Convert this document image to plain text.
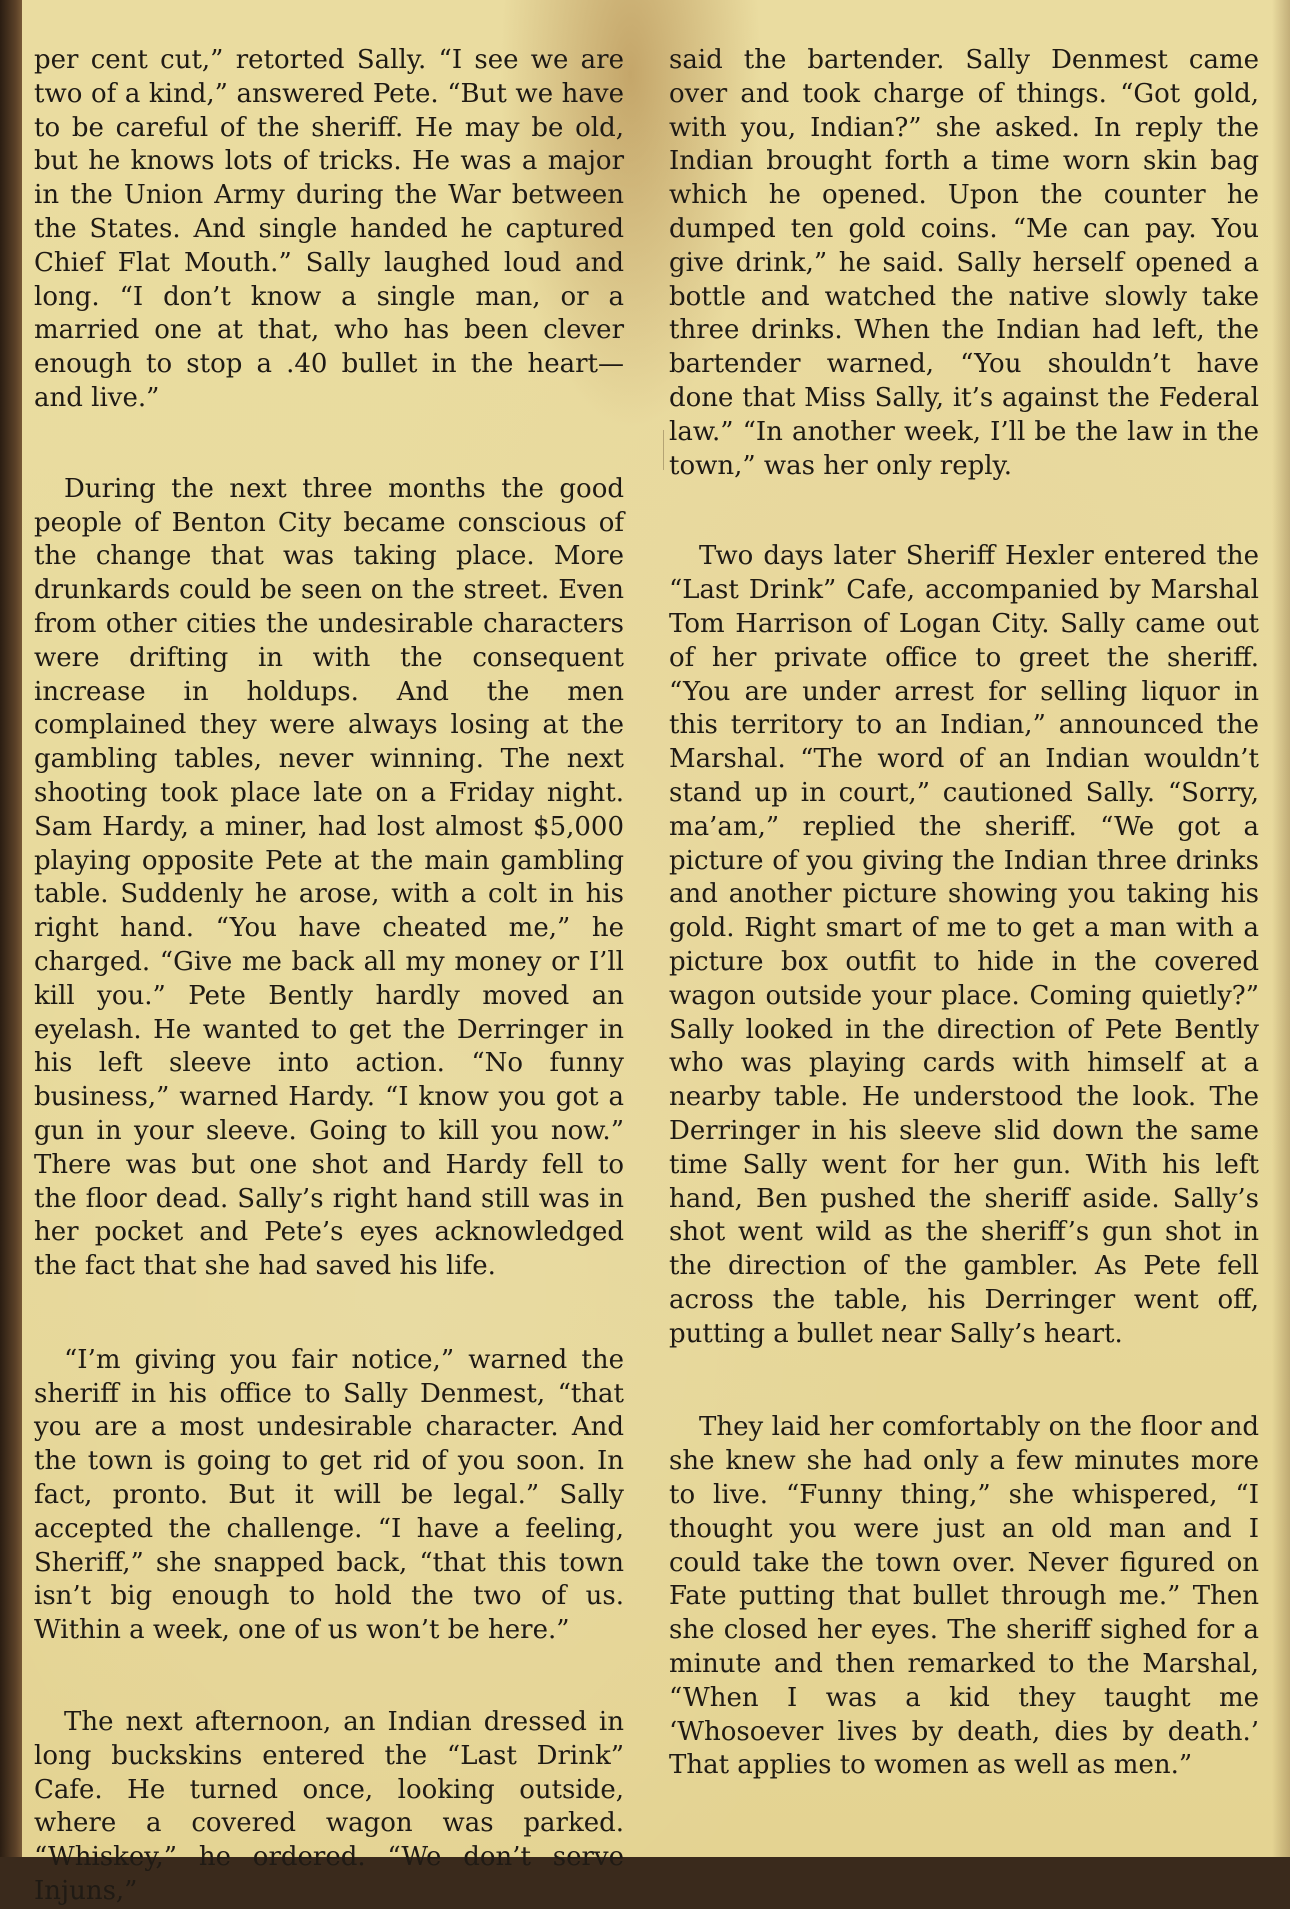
per cent cut,” retorted Sally. “I see we are two of a kind,” answered Pete. “But we have to be careful of the sheriff. He may be old, but he knows lots of tricks. He was a major in the Union Army during the War between the States. And single handed he captured Chief Flat Mouth.” Sally laughed loud and long. “I don’t know a single man, or a married one at that, who has been clever enough to stop a .40 bullet in the heart—and live.”

During the next three months the good people of Benton City became conscious of the change that was taking place. More drunkards could be seen on the street. Even from other cities the undesirable characters were drifting in with the consequent increase in holdups. And the men complained they were always losing at the gambling tables, never winning. The next shooting took place late on a Friday night. Sam Hardy, a miner, had lost almost $5,000 playing opposite Pete at the main gambling table. Suddenly he arose, with a colt in his right hand. “You have cheated me,” he charged. “Give me back all my money or I’ll kill you.” Pete Bently hardly moved an eyelash. He wanted to get the Derringer in his left sleeve into action. “No funny business,” warned Hardy. “I know you got a gun in your sleeve. Going to kill you now.” There was but one shot and Hardy fell to the floor dead. Sally’s right hand still was in her pocket and Pete’s eyes acknowledged the fact that she had saved his life.

“I’m giving you fair notice,” warned the sheriff in his office to Sally Denmest, “that you are a most undesirable character. And the town is going to get rid of you soon. In fact, pronto. But it will be legal.” Sally accepted the challenge. “I have a feeling, Sheriff,” she snapped back, “that this town isn’t big enough to hold the two of us. Within a week, one of us won’t be here.”

The next afternoon, an Indian dressed in long buckskins entered the “Last Drink” Cafe. He turned once, looking outside, where a covered wagon was parked. “Whiskey,” he ordered. “We don’t serve Injuns,”

said the bartender. Sally Denmest came over and took charge of things. “Got gold, with you, Indian?” she asked. In reply the Indian brought forth a time worn skin bag which he opened. Upon the counter he dumped ten gold coins. “Me can pay. You give drink,” he said. Sally herself opened a bottle and watched the native slowly take three drinks. When the Indian had left, the bartender warned, “You shouldn’t have done that Miss Sally, it’s against the Federal law.” “In another week, I’ll be the law in the town,” was her only reply.

Two days later Sheriff Hexler entered the “Last Drink” Cafe, accompanied by Marshal Tom Harrison of Logan City. Sally came out of her private office to greet the sheriff. “You are under arrest for selling liquor in this territory to an Indian,” announced the Marshal. “The word of an Indian wouldn’t stand up in court,” cautioned Sally. “Sorry, ma’am,” replied the sheriff. “We got a picture of you giving the Indian three drinks and another picture showing you taking his gold. Right smart of me to get a man with a picture box outfit to hide in the covered wagon outside your place. Coming quietly?” Sally looked in the direction of Pete Bently who was playing cards with himself at a nearby table. He understood the look. The Derringer in his sleeve slid down the same time Sally went for her gun. With his left hand, Ben pushed the sheriff aside. Sally’s shot went wild as the sheriff’s gun shot in the direction of the gambler. As Pete fell across the table, his Derringer went off, putting a bullet near Sally’s heart.

They laid her comfortably on the floor and she knew she had only a few minutes more to live. “Funny thing,” she whispered, “I thought you were just an old man and I could take the town over. Never figured on Fate putting that bullet through me.” Then she closed her eyes. The sheriff sighed for a minute and then remarked to the Marshal, “When I was a kid they taught me ‘Whosoever lives by death, dies by death.’ That applies to women as well as men.”
